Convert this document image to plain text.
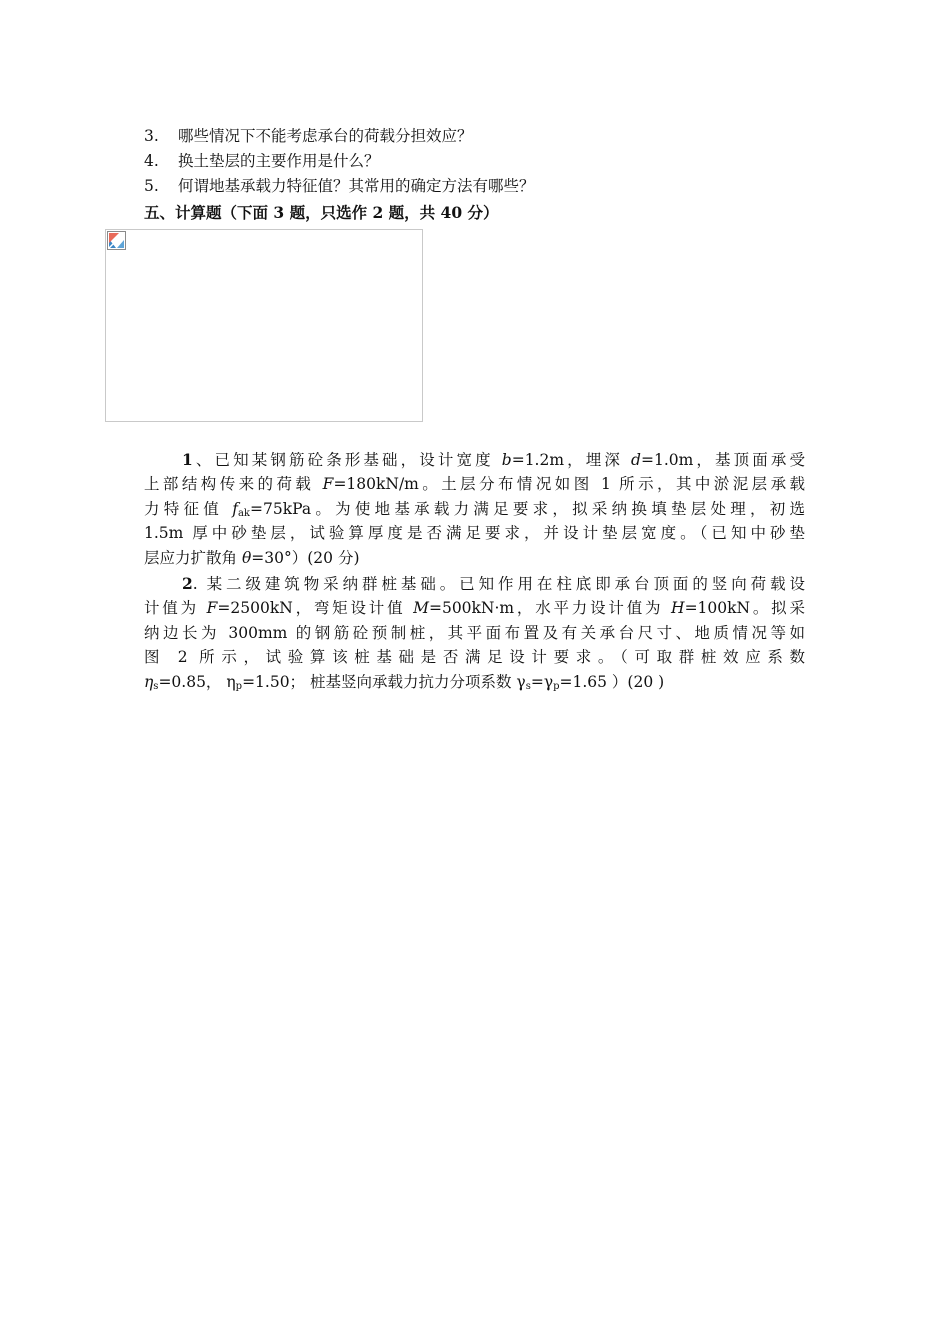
3. 哪些情况下不能考虑承台的荷载分担效应？
4. 换土垫层的主要作用是什么？
5. 何谓地基承载力特征值？其常用的确定方法有哪些？
五、计算题（下面 3 题，只选作 2 题，共 40 分）
1、已知某钢筋砼条形基础，设计宽度 b=1.2m，埋深 d=1.0m，基顶面承受
上部结构传来的荷载 F=180kN/m。土层分布情况如图 1 所示，其中淤泥层承载
力特征值 $f_{ak}=75kPa$。为使地基承载力满足要求，拟采纳换填垫层处理，初选
1.5m 厚中砂垫层，试验算厚度是否满足要求，并设计垫层宽度。（已知中砂垫
层应力扩散角 θ=30°）(20 分)
2. 某二级建筑物采纳群桩基础。已知作用在柱底即承台顶面的竖向荷载设
计值为 F=2500kN，弯矩设计值 M=500kN·m，水平力设计值为 H=100kN。拟采
纳边长为 300mm 的钢筋砼预制桩，其平面布置及有关承台尺寸、地质情况等如
图 2 所示，试验算该桩基础是否满足设计要求。（可取群桩效应系数
$\eta_s=0.85$， $\eta_p=1.50$； 桩基竖向承载力抗力分项系数 $\gamma_s=\gamma_p=1.65$ ）(20 )
